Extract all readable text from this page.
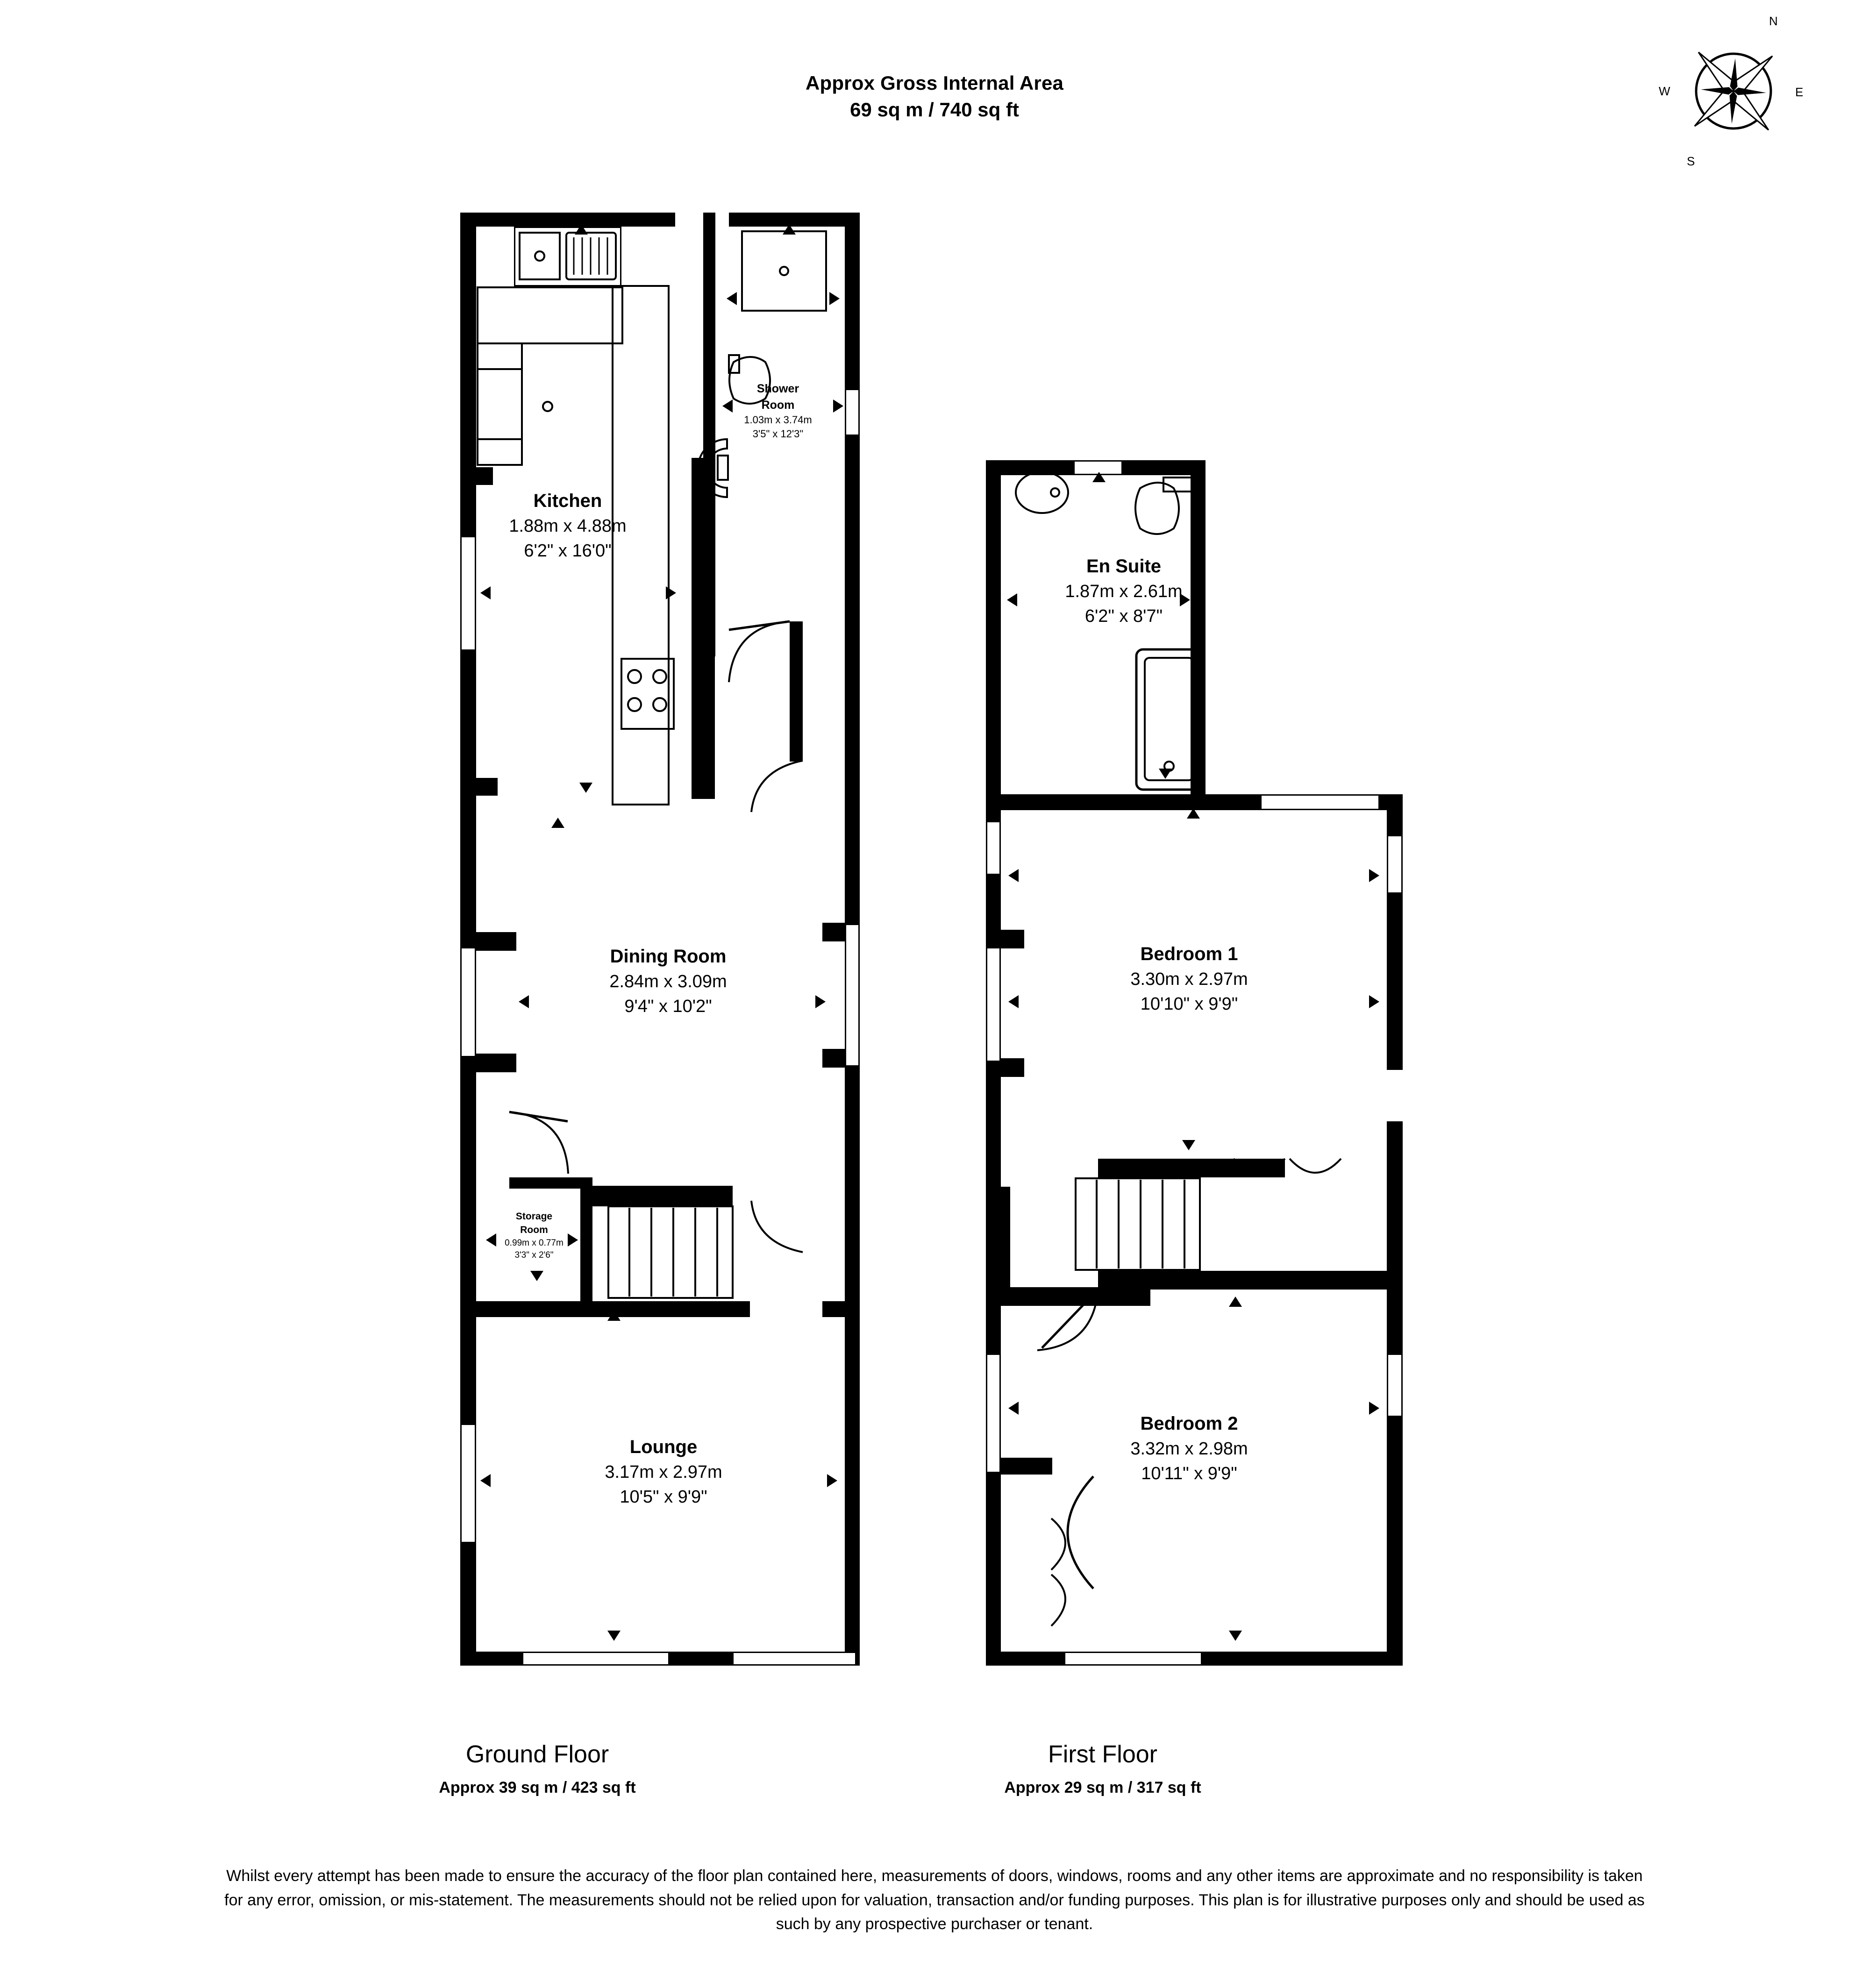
Approx Gross Internal Area
69 sq m / 740 sq ft
N
E
S
W
Kitchen
1.88m x 4.88m
6'2" x 16'0"
Shower
Room
1.03m x 3.74m
3'5" x 12'3"
Dining Room
2.84m x 3.09m
9'4" x 10'2"
Storage
Room
0.99m x 0.77m
3'3" x 2'6"
Lounge
3.17m x 2.97m
10'5" x 9'9"
En Suite
1.87m x 2.61m
6'2" x 8'7"
Bedroom 1
3.30m x 2.97m
10'10" x 9'9"
Bedroom 2
3.32m x 2.98m
10'11" x 9'9"
Ground Floor
Approx 39 sq m / 423 sq ft
First Floor
Approx 29 sq m / 317 sq ft
Whilst every attempt has been made to ensure the accuracy of the floor plan contained here, measurements of doors, windows, rooms and any other items are approximate and no responsibility is taken for any error, omission, or mis-statement. The measurements should not be relied upon for valuation, transaction and/or funding purposes. This plan is for illustrative purposes only and should be used as such by any prospective purchaser or tenant.
